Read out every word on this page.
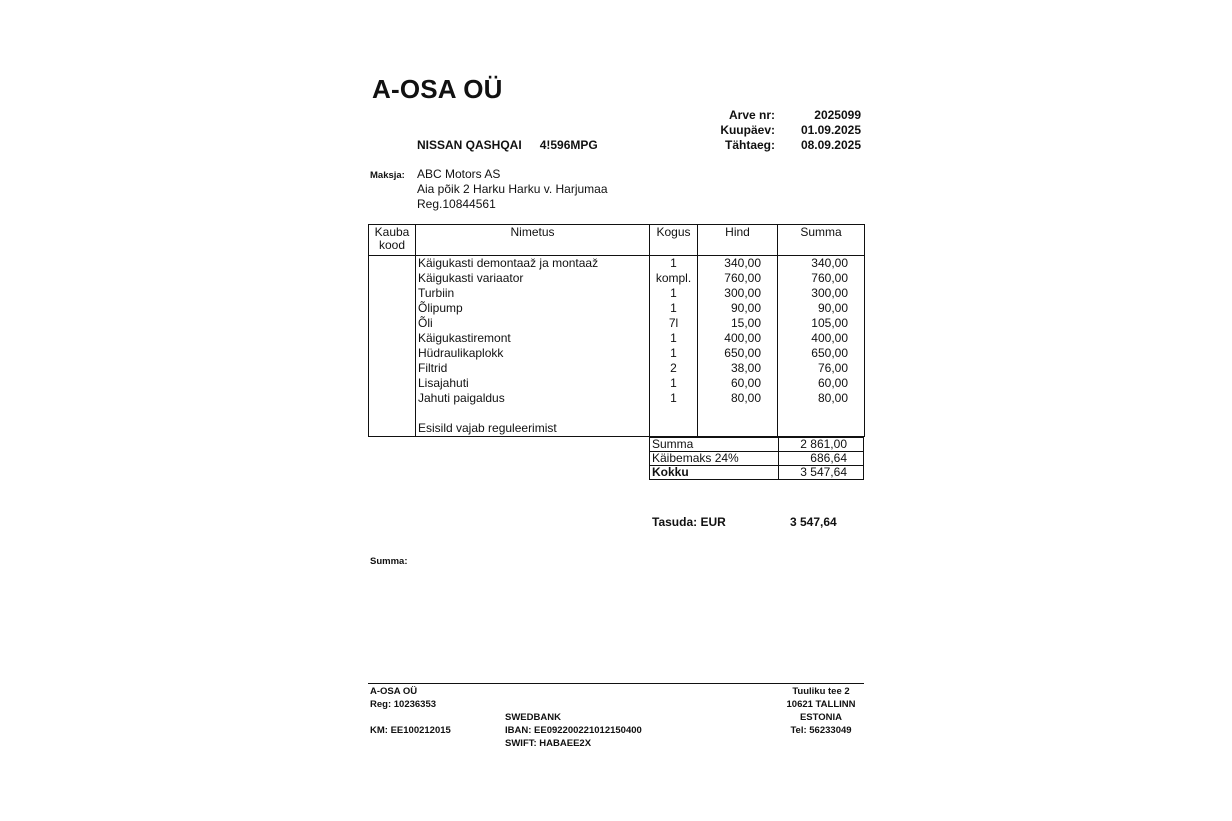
A-OSA OÜ
Arve nr:	2025099
Kuupäev:	01.09.2025
Tähtaeg:	08.09.2025
NISSAN QASHQAI 4!596MPG
Maksja: ABC Motors AS
Aia põik 2 Harku Harku v. Harjumaa
Reg.10844561
Kauba kood	Nimetus	Kogus	Hind	Summa
	Käigukasti demontaaž ja montaaž	1	340,00	340,00
	Käigukasti variaator	kompl.	760,00	760,00
	Turbiin	1	300,00	300,00
	Õlipump	1	90,00	90,00
	Õli	7l	15,00	105,00
	Käigukastiremont	1	400,00	400,00
	Hüdraulikaplokk	1	650,00	650,00
	Filtrid	2	38,00	76,00
	Lisajahuti	1	60,00	60,00
	Jahuti paigaldus	1	80,00	80,00

	Esisild vajab reguleerimist			
Summa	2 861,00
Käibemaks 24%	686,64
Kokku	3 547,64
Tasuda: EUR	3 547,64
Summa:
A-OSA OÜ
Reg: 10236353
KM: EE100212015
SWEDBANK
IBAN: EE092200221012150400
SWIFT: HABAEE2X
Tuuliku tee 2
10621 TALLINN
ESTONIA
Tel: 56233049
